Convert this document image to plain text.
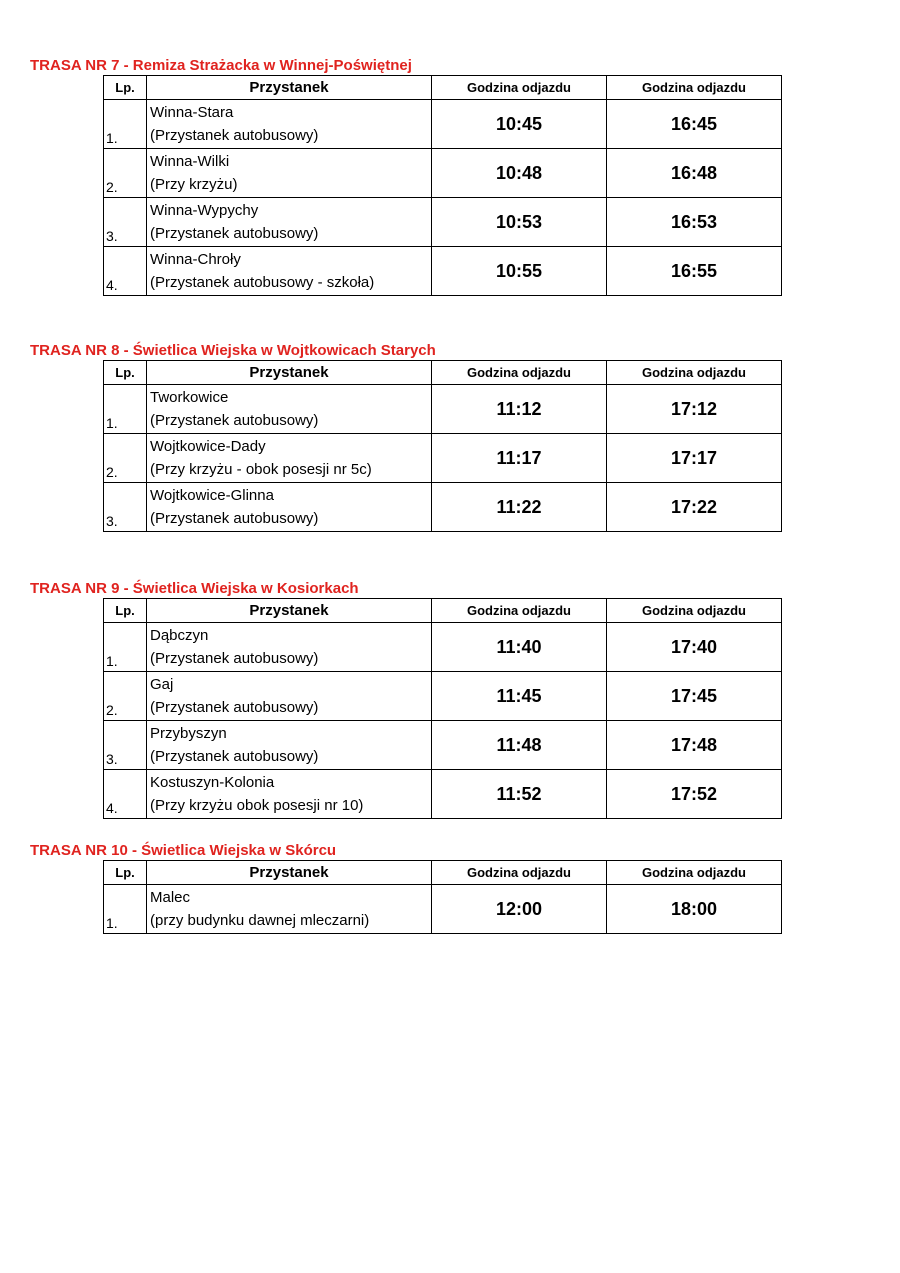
TRASA NR 7 - Remiza Strażacka w Winnej-Poświętnej
Lp.	Przystanek	Godzina odjazdu	Godzina odjazdu
1.	Winna-Stara
(Przystanek autobusowy)	10:45	16:45
2.	Winna-Wilki
(Przy krzyżu)	10:48	16:48
3.	Winna-Wypychy
(Przystanek autobusowy)	10:53	16:53
4.	Winna-Chroły
(Przystanek autobusowy - szkoła)	10:55	16:55
TRASA NR 8 - Świetlica Wiejska w Wojtkowicach Starych
Lp.	Przystanek	Godzina odjazdu	Godzina odjazdu
1.	Tworkowice
(Przystanek autobusowy)	11:12	17:12
2.	Wojtkowice-Dady
(Przy krzyżu - obok posesji nr 5c)	11:17	17:17
3.	Wojtkowice-Glinna
(Przystanek autobusowy)	11:22	17:22
TRASA NR 9 - Świetlica Wiejska w Kosiorkach
Lp.	Przystanek	Godzina odjazdu	Godzina odjazdu
1.	Dąbczyn
(Przystanek autobusowy)	11:40	17:40
2.	Gaj
(Przystanek autobusowy)	11:45	17:45
3.	Przybyszyn
(Przystanek autobusowy)	11:48	17:48
4.	Kostuszyn-Kolonia
(Przy krzyżu obok posesji nr 10)	11:52	17:52
TRASA NR 10 - Świetlica Wiejska w Skórcu
Lp.	Przystanek	Godzina odjazdu	Godzina odjazdu
1.	Malec
(przy budynku dawnej mleczarni)	12:00	18:00
